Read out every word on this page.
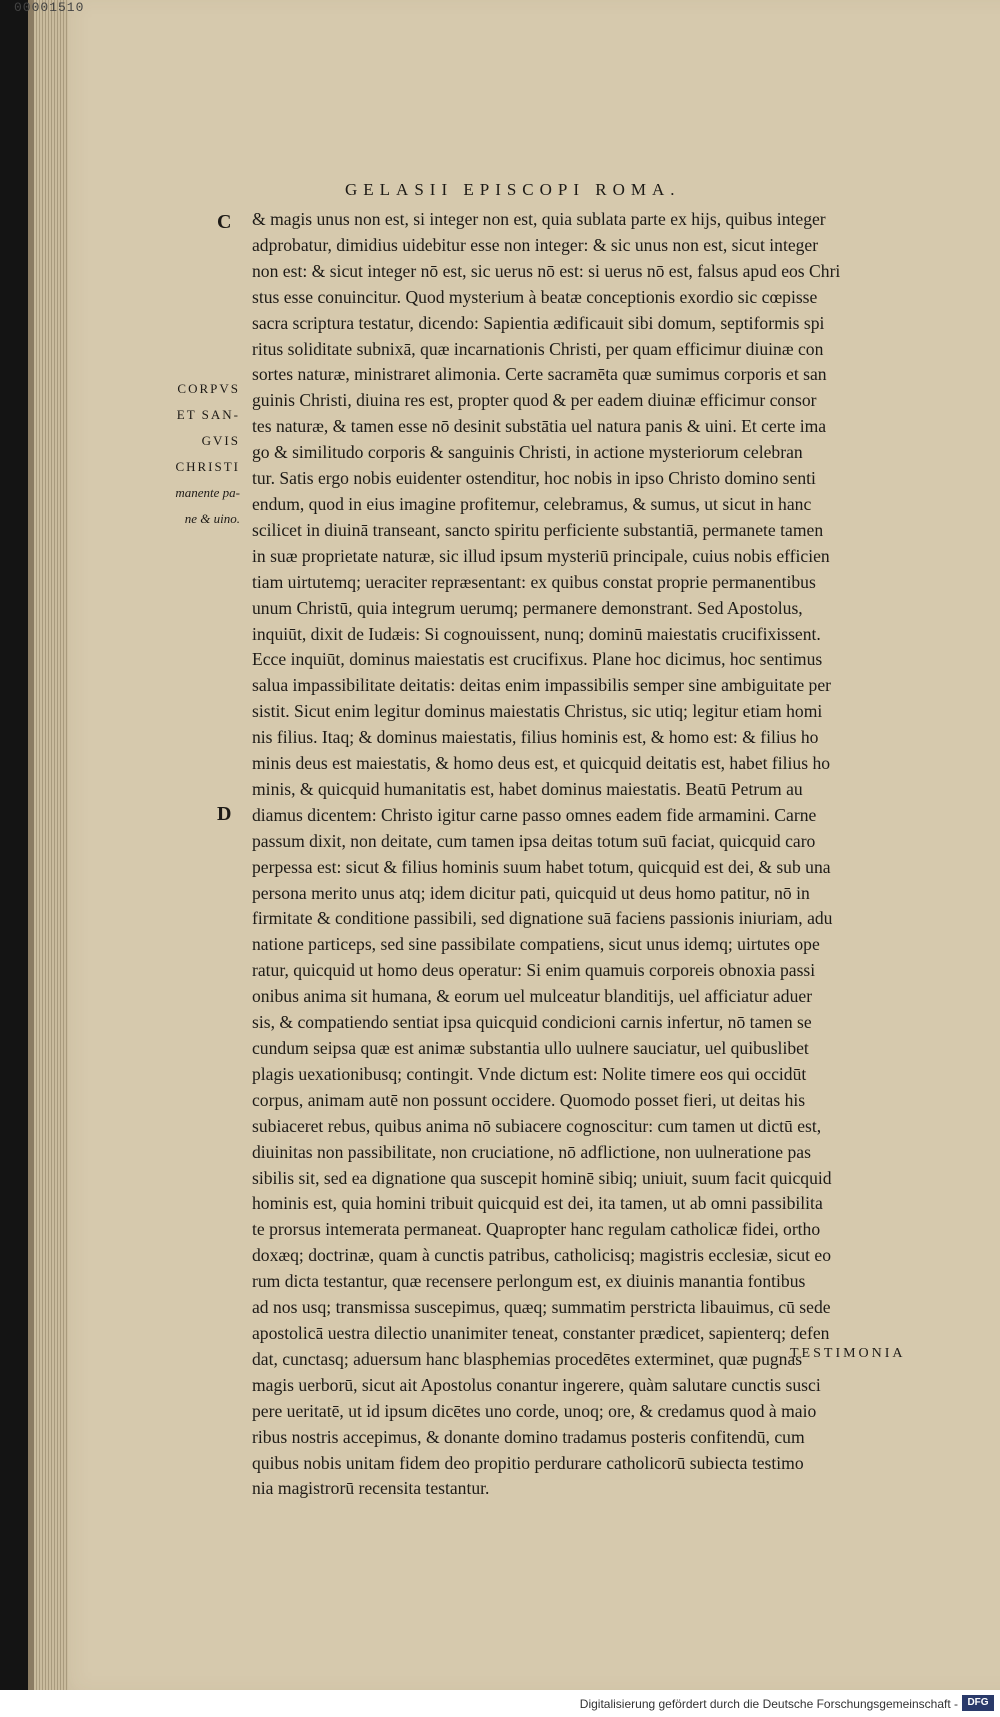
00001510
GELASII EPISCOPI ROMA.
C
D
CORPVS
ET SAN-
GVIS
CHRISTI
manente pa-
ne & uino.
& magis unus non est, si integer non est, quia sublata parte ex hijs, quibus integer
adprobatur, dimidius uidebitur esse non integer: & sic unus non est, sicut integer
non est: & sicut integer nō est, sic uerus nō est: si uerus nō est, falsus apud eos Chri
stus esse conuincitur. Quod mysterium à beatæ conceptionis exordio sic cœpisse
sacra scriptura testatur, dicendo: Sapientia ædificauit sibi domum, septiformis spi
ritus soliditate subnixā, quæ incarnationis Christi, per quam efficimur diuinæ con
sortes naturæ, ministraret alimonia. Certe sacramēta quæ sumimus corporis et san
guinis Christi, diuina res est, propter quod & per eadem diuinæ efficimur consor
tes naturæ, & tamen esse nō desinit substātia uel natura panis & uini. Et certe ima
go & similitudo corporis & sanguinis Christi, in actione mysteriorum celebran
tur. Satis ergo nobis euidenter ostenditur, hoc nobis in ipso Christo domino senti
endum, quod in eius imagine profitemur, celebramus, & sumus, ut sicut in hanc
scilicet in diuinā transeant, sancto spiritu perficiente substantiā, permanete tamen
in suæ proprietate naturæ, sic illud ipsum mysteriū principale, cuius nobis efficien
tiam uirtutemq; ueraciter repræsentant: ex quibus constat proprie permanentibus
unum Christū, quia integrum uerumq; permanere demonstrant. Sed Apostolus,
inquiūt, dixit de Iudæis: Si cognouissent, nunq; dominū maiestatis crucifixissent.
Ecce inquiūt, dominus maiestatis est crucifixus. Plane hoc dicimus, hoc sentimus
salua impassibilitate deitatis: deitas enim impassibilis semper sine ambiguitate per
sistit. Sicut enim legitur dominus maiestatis Christus, sic utiq; legitur etiam homi
nis filius. Itaq; & dominus maiestatis, filius hominis est, & homo est: & filius ho
minis deus est maiestatis, & homo deus est, et quicquid deitatis est, habet filius ho
minis, & quicquid humanitatis est, habet dominus maiestatis. Beatū Petrum au
diamus dicentem: Christo igitur carne passo omnes eadem fide armamini. Carne
passum dixit, non deitate, cum tamen ipsa deitas totum suū faciat, quicquid caro
perpessa est: sicut & filius hominis suum habet totum, quicquid est dei, & sub una
persona merito unus atq; idem dicitur pati, quicquid ut deus homo patitur, nō in
firmitate & conditione passibili, sed dignatione suā faciens passionis iniuriam, adu
natione particeps, sed sine passibilate compatiens, sicut unus idemq; uirtutes ope
ratur, quicquid ut homo deus operatur: Si enim quamuis corporeis obnoxia passi
onibus anima sit humana, & eorum uel mulceatur blanditijs, uel afficiatur aduer
sis, & compatiendo sentiat ipsa quicquid condicioni carnis infertur, nō tamen se
cundum seipsa quæ est animæ substantia ullo uulnere sauciatur, uel quibuslibet
plagis uexationibusq; contingit. Vnde dictum est: Nolite timere eos qui occidūt
corpus, animam autē non possunt occidere. Quomodo posset fieri, ut deitas his
subiaceret rebus, quibus anima nō subiacere cognoscitur: cum tamen ut dictū est,
diuinitas non passibilitate, non cruciatione, nō adflictione, non uulneratione pas
sibilis sit, sed ea dignatione qua suscepit hominē sibiq; uniuit, suum facit quicquid
hominis est, quia homini tribuit quicquid est dei, ita tamen, ut ab omni passibilita
te prorsus intemerata permaneat. Quapropter hanc regulam catholicæ fidei, ortho
doxæq; doctrinæ, quam à cunctis patribus, catholicisq; magistris ecclesiæ, sicut eo
rum dicta testantur, quæ recensere perlongum est, ex diuinis manantia fontibus
ad nos usq; transmissa suscepimus, quæq; summatim perstricta libauimus, cū sede
apostolicā uestra dilectio unanimiter teneat, constanter prædicet, sapienterq; defen
dat, cunctasq; aduersum hanc blasphemias procedētes exterminet, quæ pugnas
magis uerborū, sicut ait Apostolus conantur ingerere, quàm salutare cunctis susci
pere ueritatē, ut id ipsum dicētes uno corde, unoq; ore, & credamus quod à maio
ribus nostris accepimus, & donante domino tradamus posteris confitendū, cum
quibus nobis unitam fidem deo propitio perdurare catholicorū subiecta testimo
nia magistrorū recensita testantur.
TESTIMONIA
Digitalisierung gefördert durch die Deutsche Forschungsgemeinschaft - DFG
